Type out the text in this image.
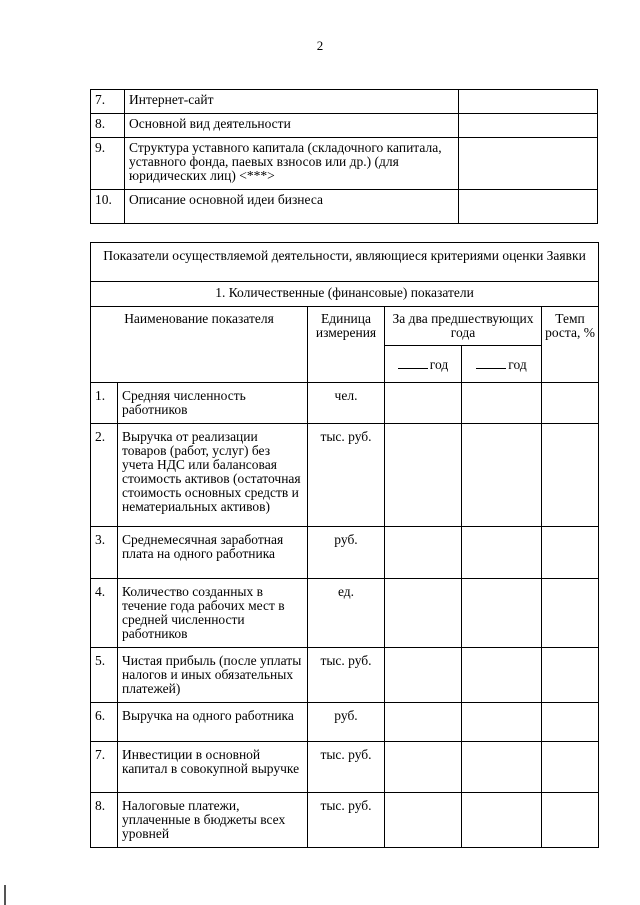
2
7.	Интернет-сайт	
8.	Основной вид деятельности	
9.	Структура уставного капитала (складочного капитала, уставного фонда, паевых взносов или др.) (для юридических лиц) <***>	
10.	Описание основной идеи бизнеса	
Показатели осуществляемой деятельности, являющиеся критериями оценки Заявки					
1. Количественные (финансовые) показатели					
Наименование показателя		Единица измерения	За два предшествующих года		Темп роста, %
			год	год	
1.	Средняя численность работников	чел.			
2.	Выручка от реализации товаров (работ, услуг) без учета НДС или балансовая стоимость активов (остаточная стоимость основных средств и нематериальных активов)	тыс. руб.			
3.	Среднемесячная заработная плата на одного работника	руб.			
4.	Количество созданных в течение года рабочих мест в средней численности работников	ед.			
5.	Чистая прибыль (после уплаты налогов и иных обязательных платежей)	тыс. руб.			
6.	Выручка на одного работника	руб.			
7.	Инвестиции в основной капитал в совокупной выручке	тыс. руб.			
8.	Налоговые платежи, уплаченные в бюджеты всех уровней	тыс. руб.			
